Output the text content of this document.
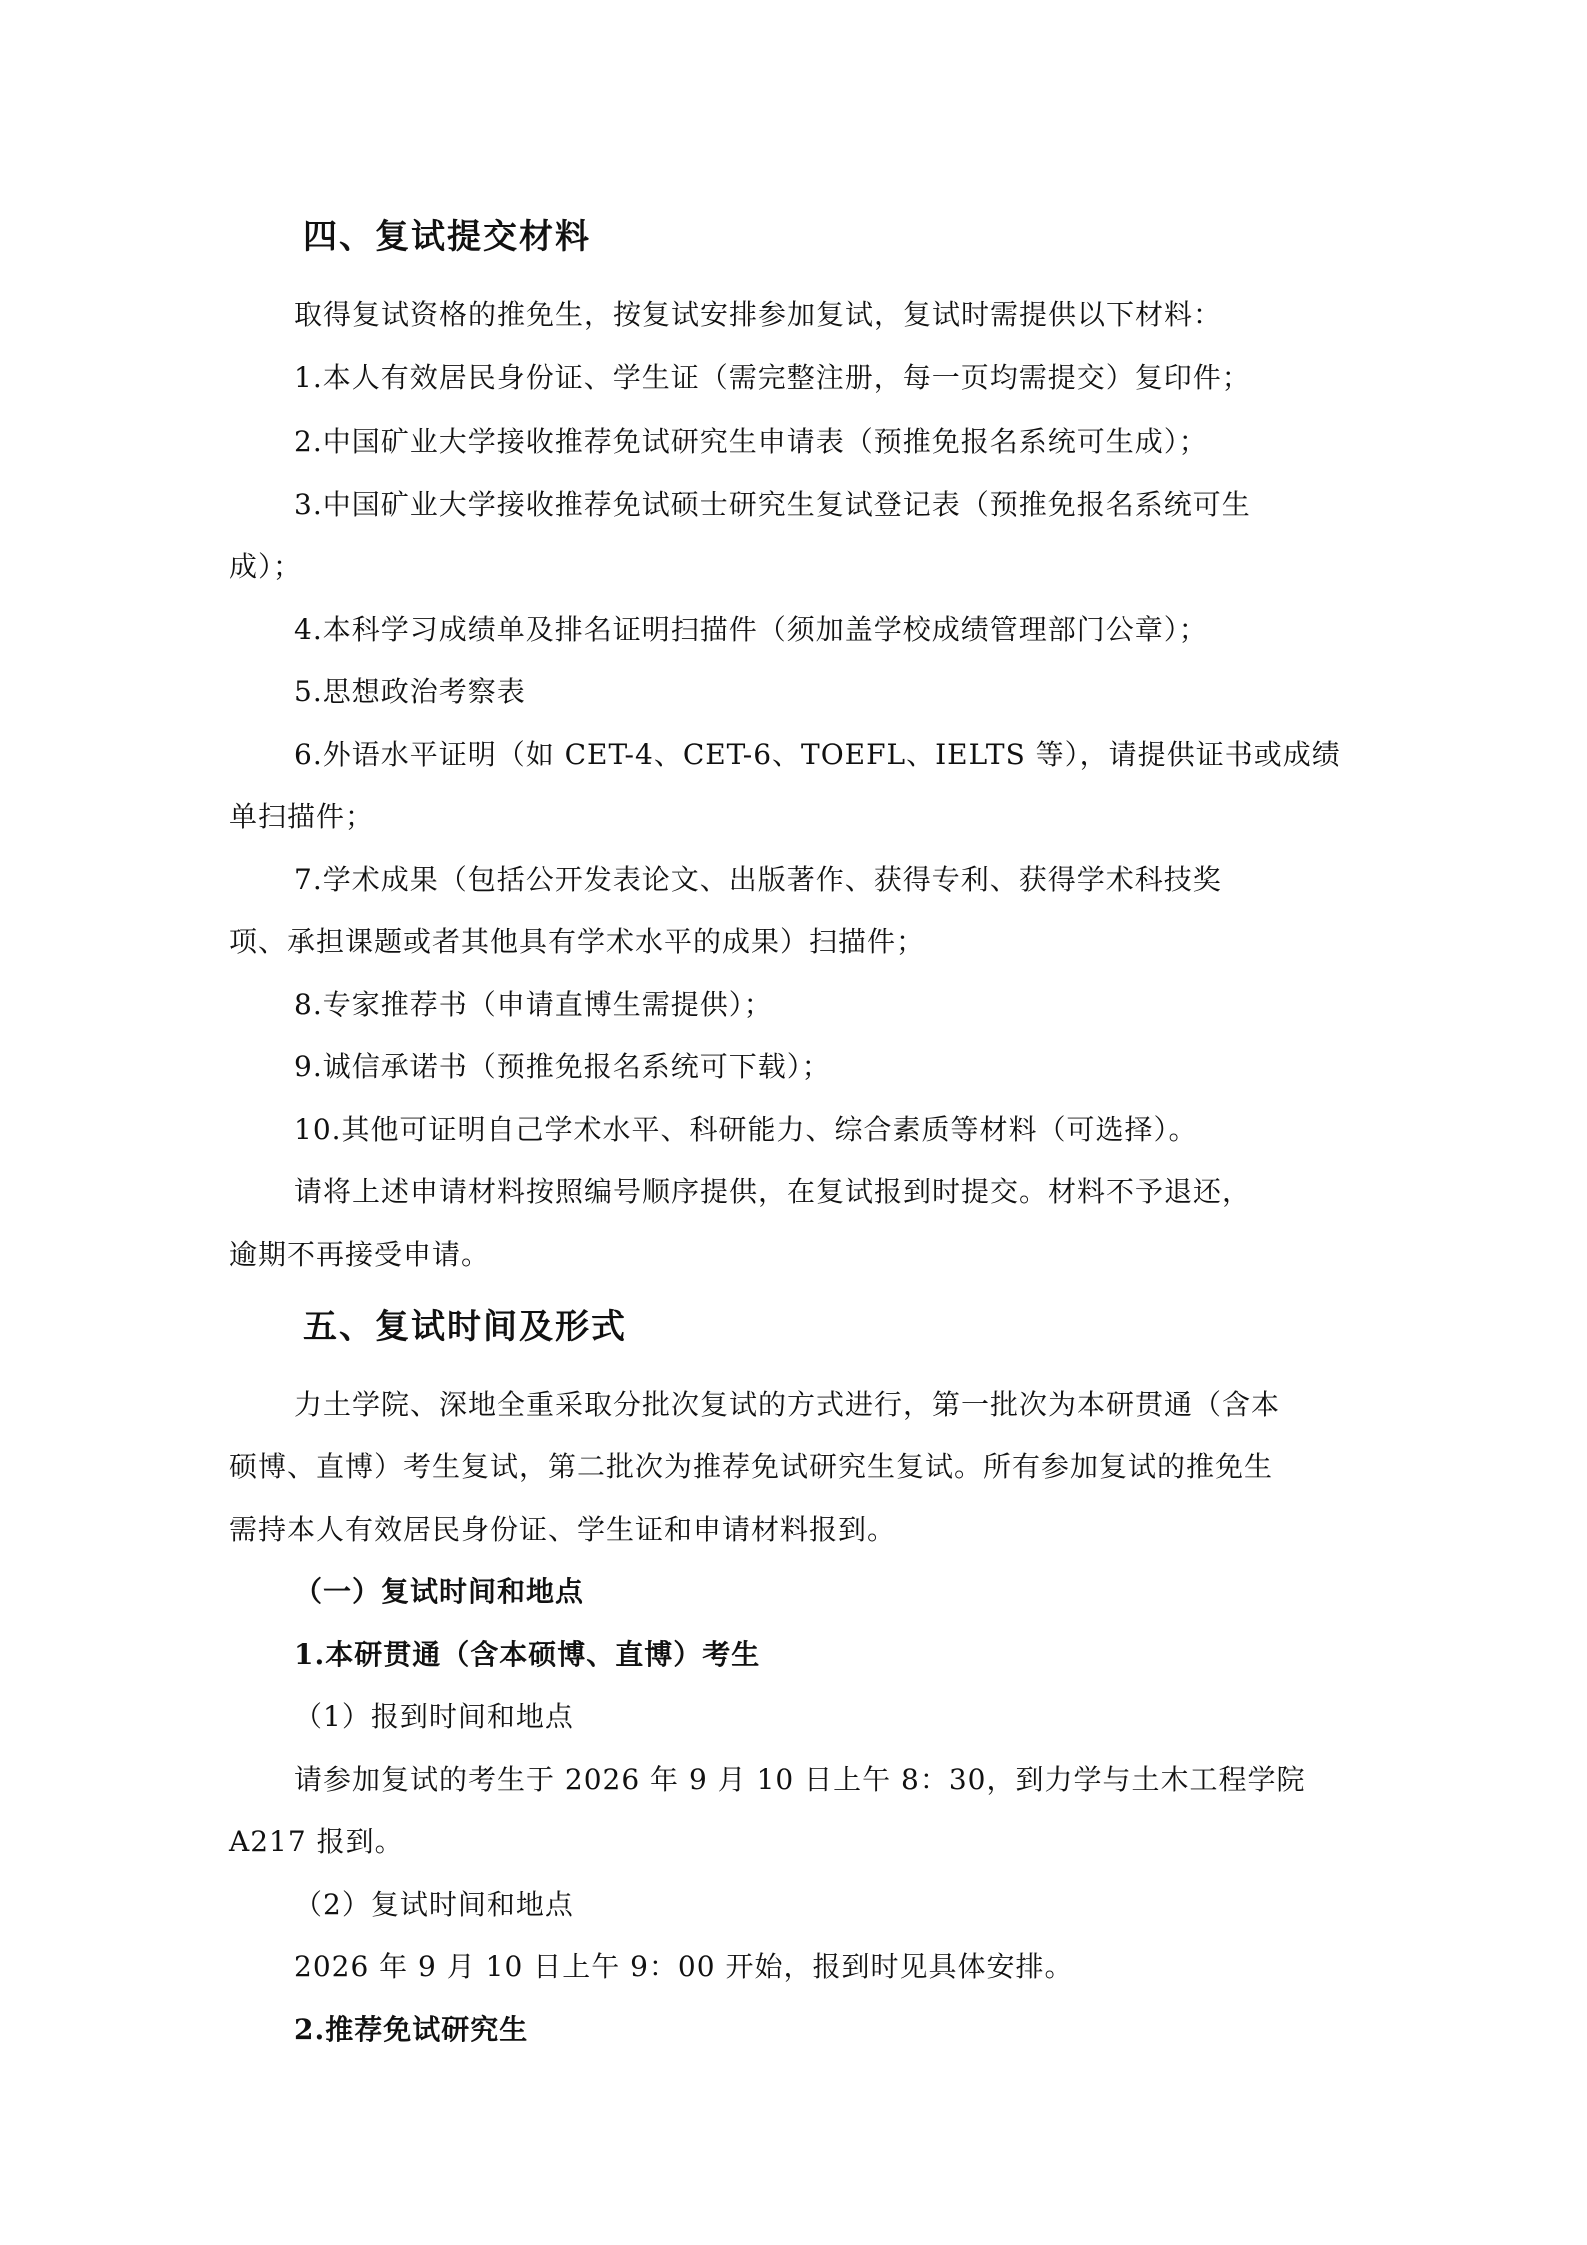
四、复试提交材料
取得复试资格的推免生，按复试安排参加复试，复试时需提供以下材料：
1.本人有效居民身份证、学生证（需完整注册，每一页均需提交）复印件；
2.中国矿业大学接收推荐免试研究生申请表（预推免报名系统可生成）；
3.中国矿业大学接收推荐免试硕士研究生复试登记表（预推免报名系统可生
成）；
4.本科学习成绩单及排名证明扫描件（须加盖学校成绩管理部门公章）；
5.思想政治考察表
6.外语水平证明（如 CET-4、CET-6、TOEFL、IELTS 等），请提供证书或成绩
单扫描件；
7.学术成果（包括公开发表论文、出版著作、获得专利、获得学术科技奖
项、承担课题或者其他具有学术水平的成果）扫描件；
8.专家推荐书（申请直博生需提供）；
9.诚信承诺书（预推免报名系统可下载）；
10.其他可证明自己学术水平、科研能力、综合素质等材料（可选择）。
请将上述申请材料按照编号顺序提供，在复试报到时提交。材料不予退还，
逾期不再接受申请。
五、复试时间及形式
力土学院、深地全重采取分批次复试的方式进行，第一批次为本研贯通（含本
硕博、直博）考生复试，第二批次为推荐免试研究生复试。所有参加复试的推免生
需持本人有效居民身份证、学生证和申请材料报到。
（一）复试时间和地点
1.本研贯通（含本硕博、直博）考生
（1）报到时间和地点
请参加复试的考生于 2026 年 9 月 10 日上午 8：30，到力学与土木工程学院
A217 报到。
（2）复试时间和地点
2026 年 9 月 10 日上午 9：00 开始，报到时见具体安排。
2.推荐免试研究生
